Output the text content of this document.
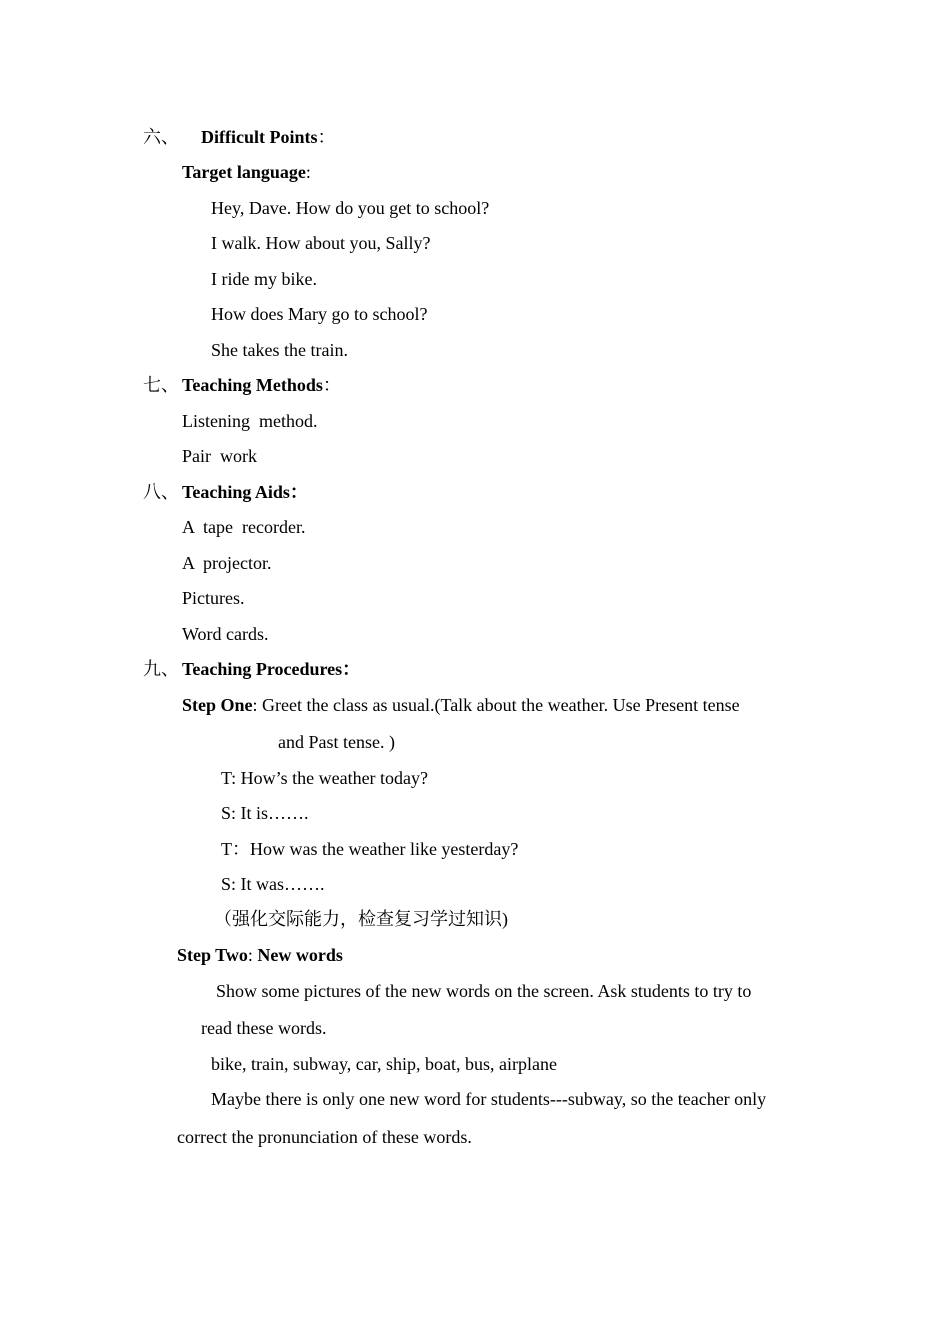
六、 Difficult Points：
Target language:
Hey, Dave. How do you get to school?
I walk. How about you, Sally?
I ride my bike.
How does Mary go to school?
She takes the train.
七、 Teaching Methods：
Listening  method.
Pair  work
八、 Teaching Aids：
A  tape  recorder.
A  projector.
Pictures.
Word cards.
九、 Teaching Procedures：
Step One: Greet the class as usual.(Talk about the weather. Use Present tense
and Past tense. )
T: How’s the weather today?
S: It is…….
T：How was the weather like yesterday?
S: It was…….
（强化交际能力，检查复习学过知识)
Step Two: New words
Show some pictures of the new words on the screen. Ask students to try to
read these words.
bike, train, subway, car, ship, boat, bus, airplane
Maybe there is only one new word for students---subway, so the teacher only
correct the pronunciation of these words.
